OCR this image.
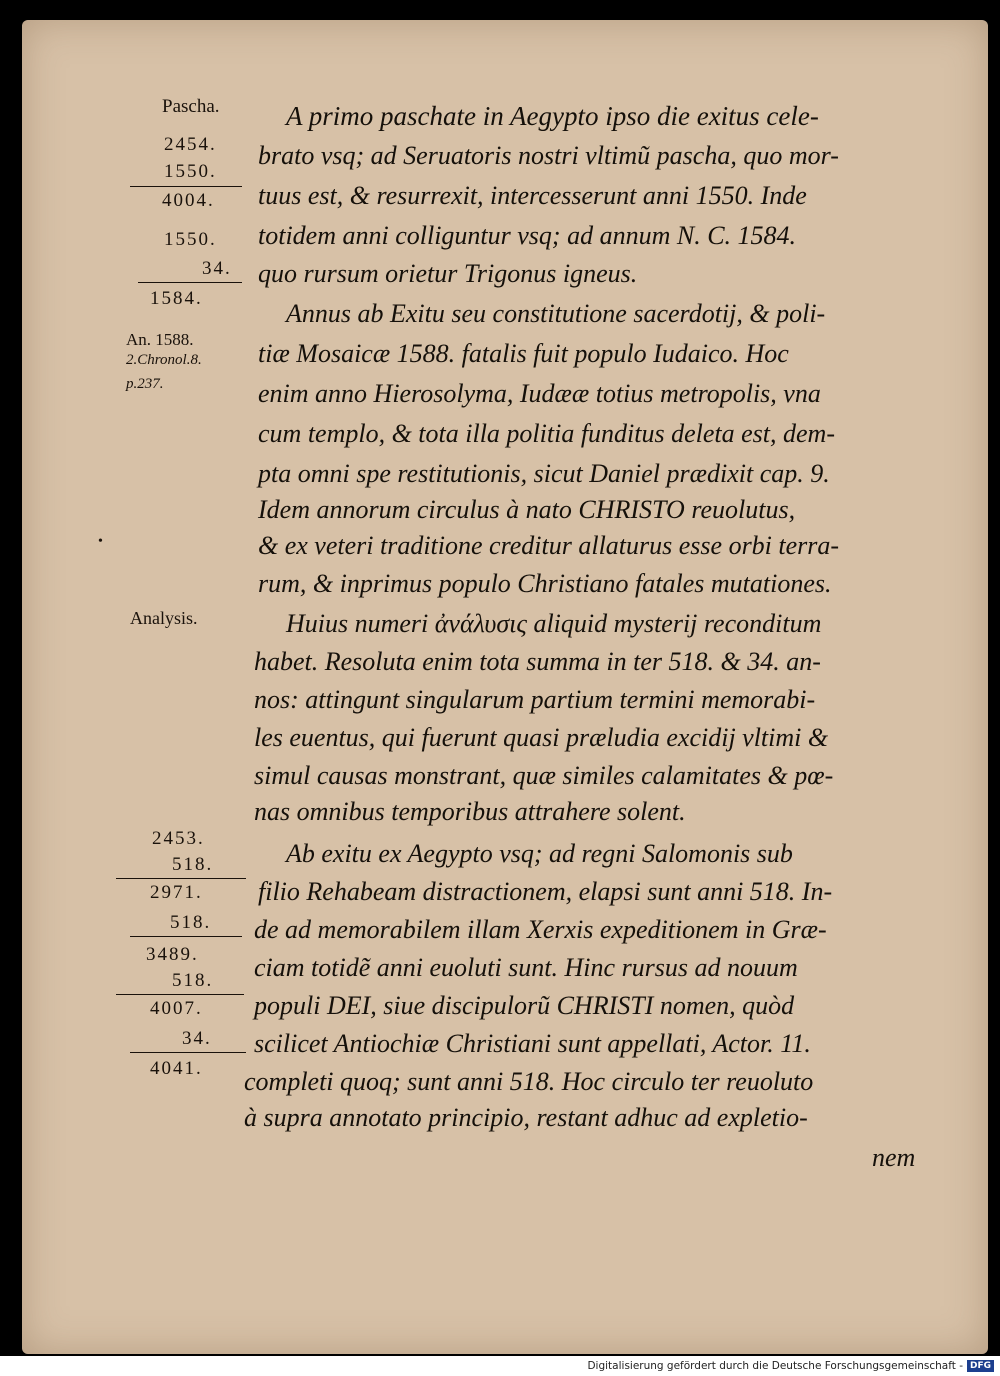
Pascha.
An. 1588.
2.Chronol.8.
p.237.
Analysis.
2454.
1550.
4004.
1550.
34.
1584.
2453.
518.
2971.
518.
3489.
518.
4007.
34.
4041.
A primo paschate in Aegypto ipso die exitus cele-
brato vsq; ad Seruatoris nostri vltimũ pascha, quo mor-
tuus est, & resurrexit, intercesserunt anni 1550. Inde
totidem anni colliguntur vsq; ad annum N. C. 1584.
quo rursum orietur Trigonus igneus.
Annus ab Exitu seu constitutione sacerdotij, & poli-
tiæ Mosaicæ 1588. fatalis fuit populo Iudaico. Hoc
enim anno Hierosolyma, Iudææ totius metropolis, vna
cum templo, & tota illa politia funditus deleta est, dem-
pta omni spe restitutionis, sicut Daniel prædixit cap. 9.
Idem annorum circulus à nato CHRISTO reuolutus,
& ex veteri traditione creditur allaturus esse orbi terra-
rum, & inprimus populo Christiano fatales mutationes.
Huius numeri ἀνάλυσις aliquid mysterij reconditum
habet. Resoluta enim tota summa in ter 518. & 34. an-
nos: attingunt singularum partium termini memorabi-
les euentus, qui fuerunt quasi præludia excidij vltimi &
simul causas monstrant, quæ similes calamitates & pœ-
nas omnibus temporibus attrahere solent.
Ab exitu ex Aegypto vsq; ad regni Salomonis sub
filio Rehabeam distractionem, elapsi sunt anni 518. In-
de ad memorabilem illam Xerxis expeditionem in Græ-
ciam totidẽ anni euoluti sunt. Hinc rursus ad nouum
populi DEI, siue discipulorũ CHRISTI nomen, quòd
scilicet Antiochiæ Christiani sunt appellati, Actor. 11.
completi quoq; sunt anni 518. Hoc circulo ter reuoluto
à supra annotato principio, restant adhuc ad expletio-
nem
•
Digitalisierung gefördert durch die Deutsche Forschungsgemeinschaft - DFG
